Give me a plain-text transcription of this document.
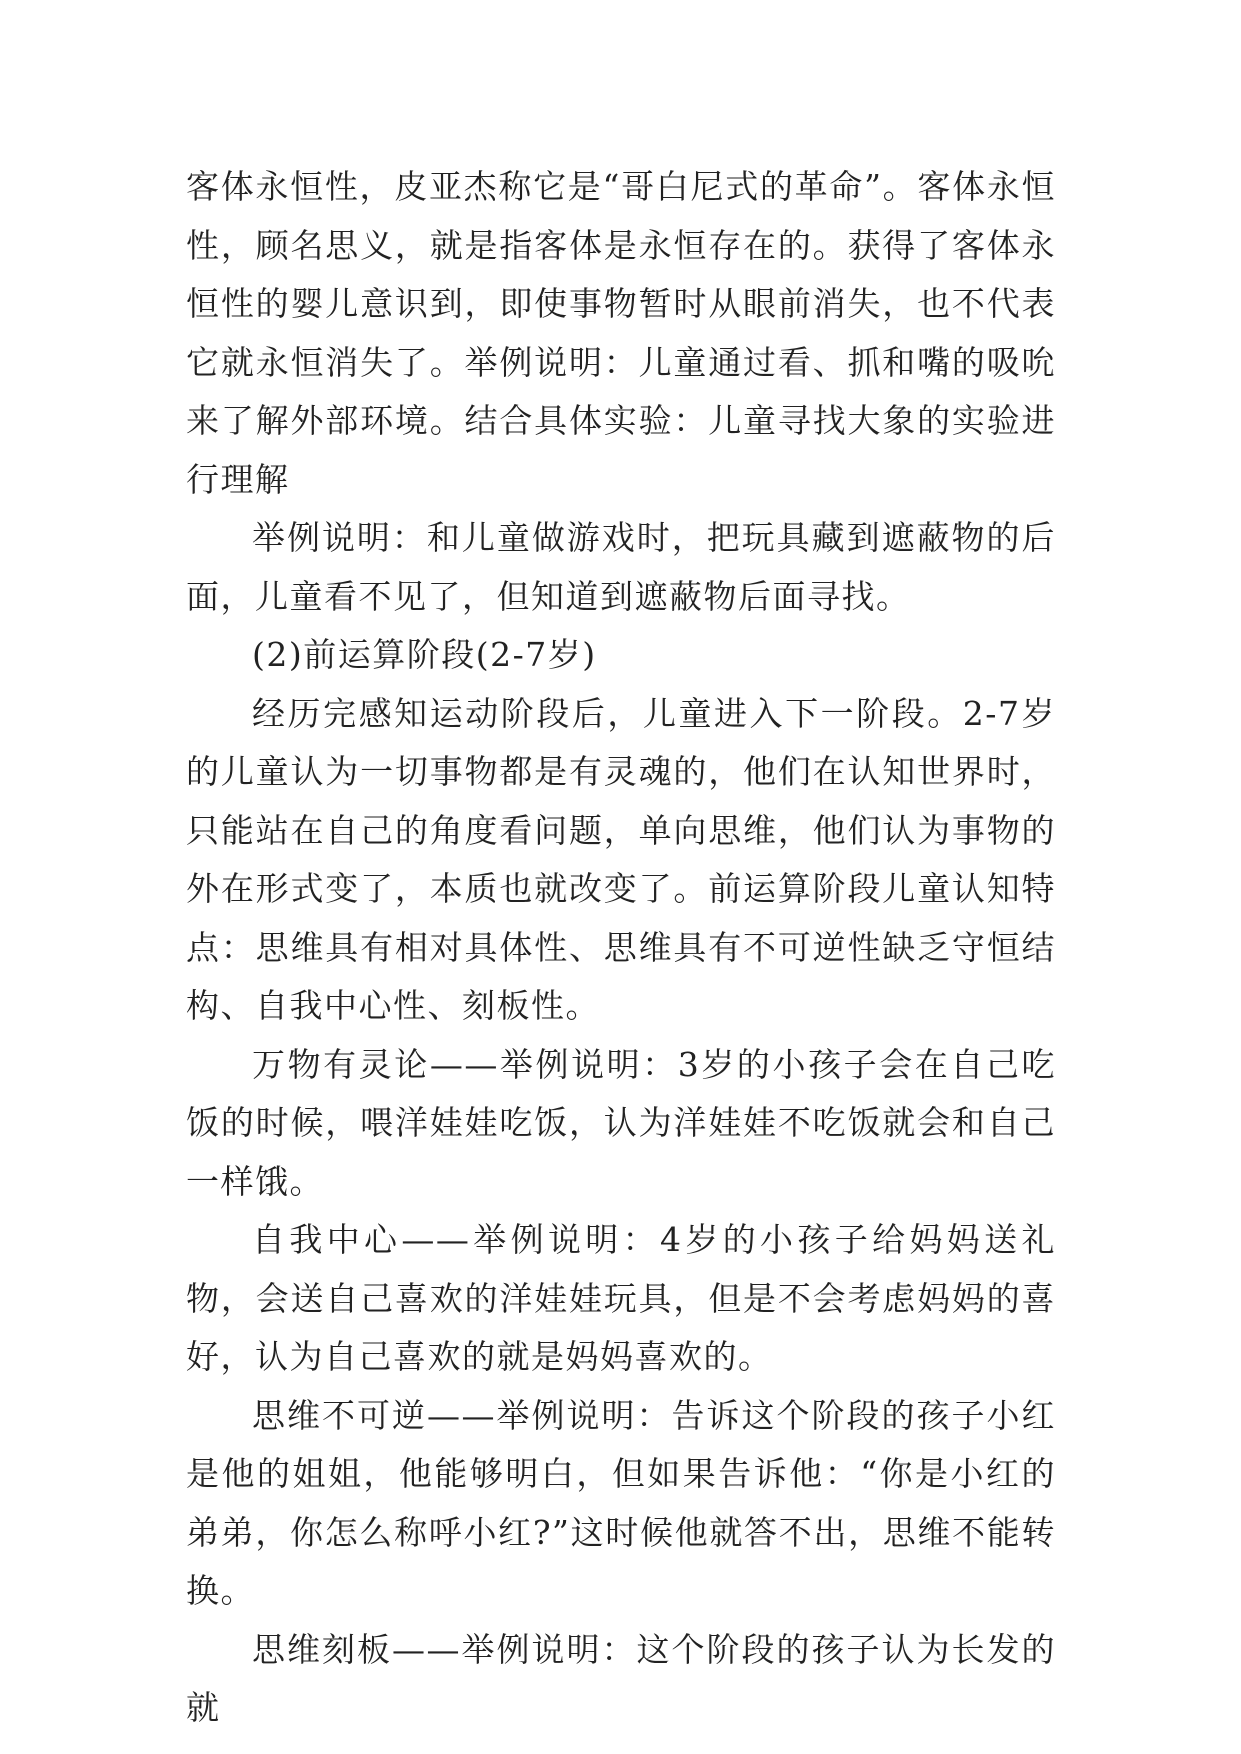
客体永恒性，皮亚杰称它是“哥白尼式的革命”。客体永恒性，顾名思义，就是指客体是永恒存在的。获得了客体永恒性的婴儿意识到，即使事物暂时从眼前消失，也不代表它就永恒消失了。举例说明：儿童通过看、抓和嘴的吸吮来了解外部环境。结合具体实验：儿童寻找大象的实验进行理解

举例说明：和儿童做游戏时，把玩具藏到遮蔽物的后面，儿童看不见了，但知道到遮蔽物后面寻找。

(2)前运算阶段(2-7岁)

经历完感知运动阶段后，儿童进入下一阶段。2-7岁的儿童认为一切事物都是有灵魂的，他们在认知世界时，只能站在自己的角度看问题，单向思维，他们认为事物的外在形式变了，本质也就改变了。前运算阶段儿童认知特点：思维具有相对具体性、思维具有不可逆性缺乏守恒结构、自我中心性、刻板性。

万物有灵论——举例说明：3岁的小孩子会在自己吃饭的时候，喂洋娃娃吃饭，认为洋娃娃不吃饭就会和自己一样饿。

自我中心——举例说明：4岁的小孩子给妈妈送礼物，会送自己喜欢的洋娃娃玩具，但是不会考虑妈妈的喜好，认为自己喜欢的就是妈妈喜欢的。

思维不可逆——举例说明：告诉这个阶段的孩子小红是他的姐姐，他能够明白，但如果告诉他：“你是小红的弟弟，你怎么称呼小红?”这时候他就答不出，思维不能转换。

思维刻板——举例说明：这个阶段的孩子认为长发的就
